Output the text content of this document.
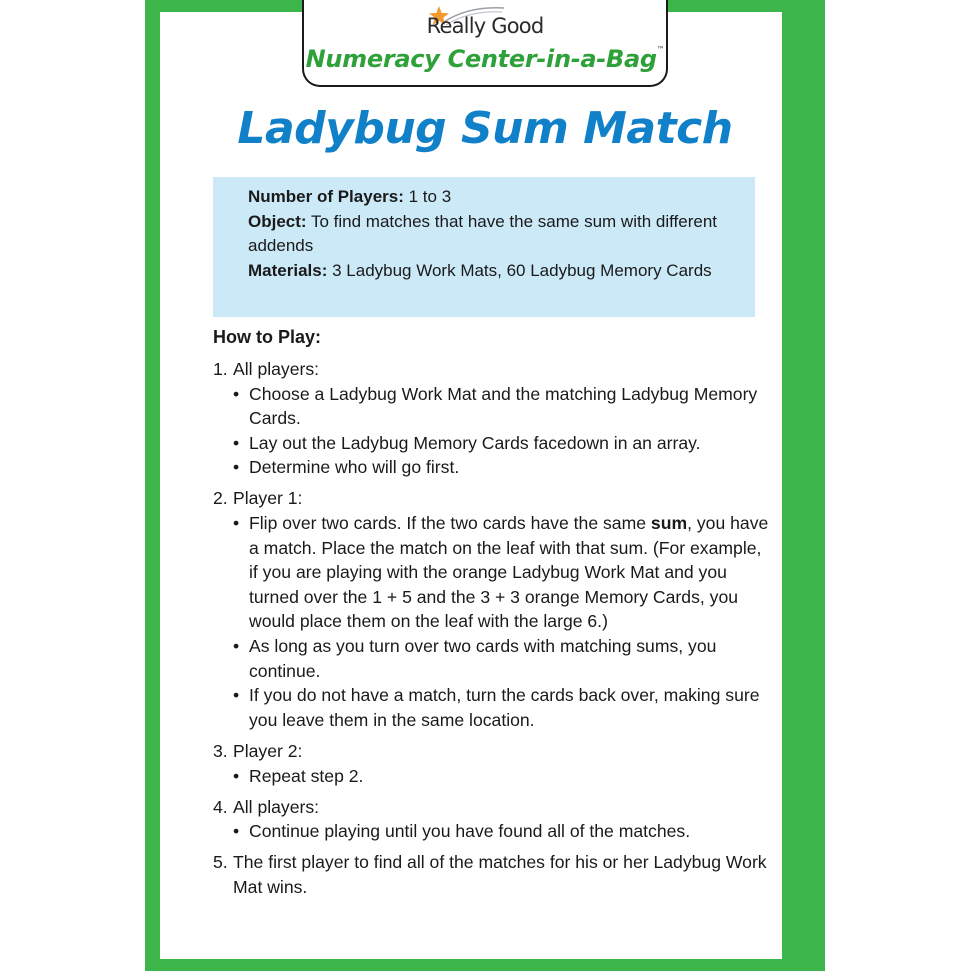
Really Good
Numeracy Center-in-a-Bag™
Ladybug Sum Match
Number of Players: 1 to 3
Object: To find matches that have the same sum with different addends
Materials: 3 Ladybug Work Mats, 60 Ladybug Memory Cards
How to Play:
1. All players:
• Choose a Ladybug Work Mat and the matching Ladybug Memory Cards.
• Lay out the Ladybug Memory Cards facedown in an array.
• Determine who will go first.
2. Player 1:
• Flip over two cards. If the two cards have the same sum, you have a match. Place the match on the leaf with that sum. (For example, if you are playing with the orange Ladybug Work Mat and you turned over the 1 + 5 and the 3 + 3 orange Memory Cards, you would place them on the leaf with the large 6.)
• As long as you turn over two cards with matching sums, you continue.
• If you do not have a match, turn the cards back over, making sure you leave them in the same location.
3. Player 2:
• Repeat step 2.
4. All players:
• Continue playing until you have found all of the matches.
5. The first player to find all of the matches for his or her Ladybug Work Mat wins.
